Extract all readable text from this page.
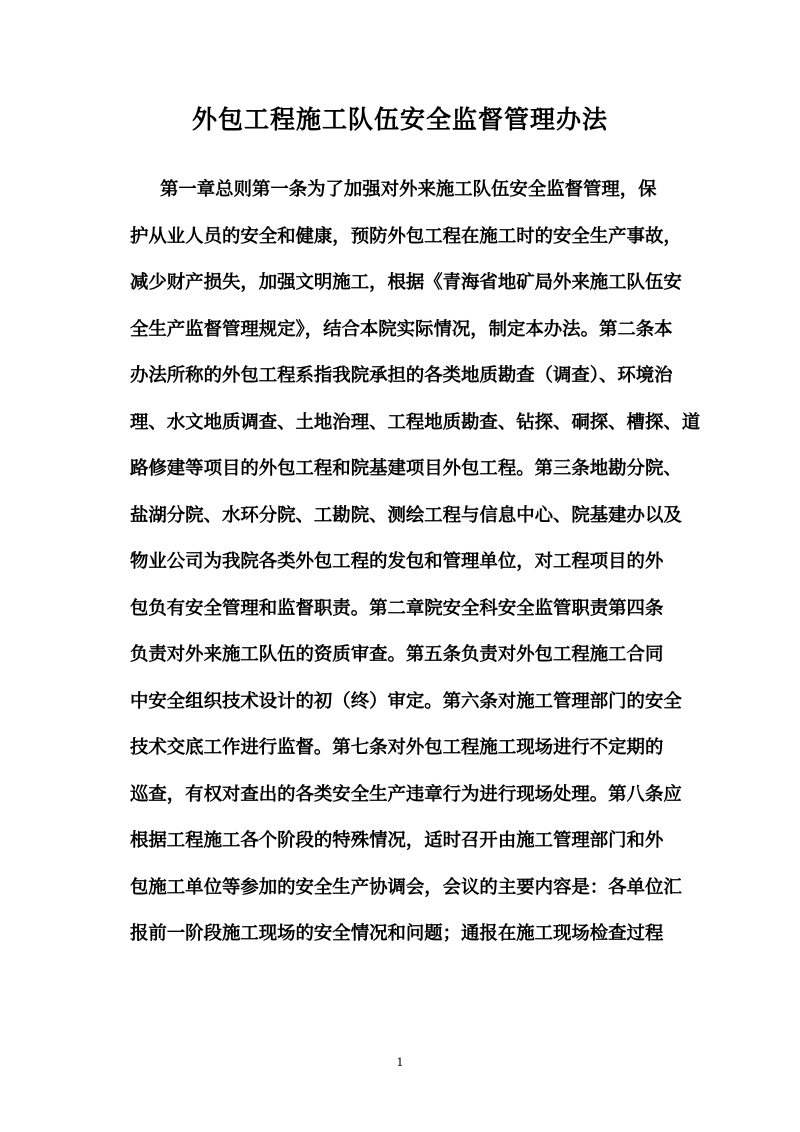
外包工程施工队伍安全监督管理办法
第一章总则第一条为了加强对外来施工队伍安全监督管理，保
护从业人员的安全和健康，预防外包工程在施工时的安全生产事故，
减少财产损失，加强文明施工，根据《青海省地矿局外来施工队伍安
全生产监督管理规定》，结合本院实际情况，制定本办法。第二条本
办法所称的外包工程系指我院承担的各类地质勘查（调查）、环境治
理、水文地质调查、土地治理、工程地质勘查、钻探、硐探、槽探、道
路修建等项目的外包工程和院基建项目外包工程。第三条地勘分院、
盐湖分院、水环分院、工勘院、测绘工程与信息中心、院基建办以及
物业公司为我院各类外包工程的发包和管理单位，对工程项目的外
包负有安全管理和监督职责。第二章院安全科安全监管职责第四条
负责对外来施工队伍的资质审查。第五条负责对外包工程施工合同
中安全组织技术设计的初（终）审定。第六条对施工管理部门的安全
技术交底工作进行监督。第七条对外包工程施工现场进行不定期的
巡查，有权对查出的各类安全生产违章行为进行现场处理。第八条应
根据工程施工各个阶段的特殊情况，适时召开由施工管理部门和外
包施工单位等参加的安全生产协调会，会议的主要内容是：各单位汇
报前一阶段施工现场的安全情况和问题；通报在施工现场检查过程
1
